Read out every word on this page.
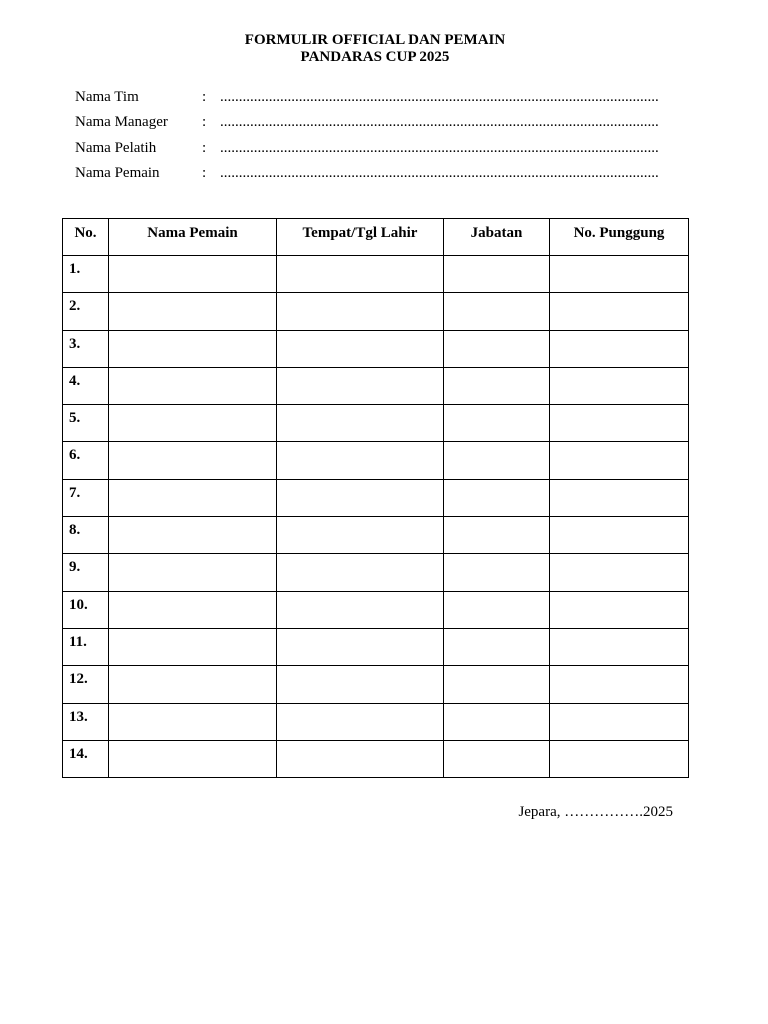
FORMULIR OFFICIAL DAN PEMAIN
PANDARAS CUP 2025
Nama Tim	: .....................................................................................................................
Nama Manager	: .....................................................................................................................
Nama Pelatih	: .....................................................................................................................
Nama Pemain	: .....................................................................................................................
No.	Nama Pemain	Tempat/Tgl Lahir	Jabatan	No. Punggung
1.				
2.				
3.				
4.				
5.				
6.				
7.				
8.				
9.				
10.				
11.				
12.				
13.				
14.				
Jepara, …………….2025
